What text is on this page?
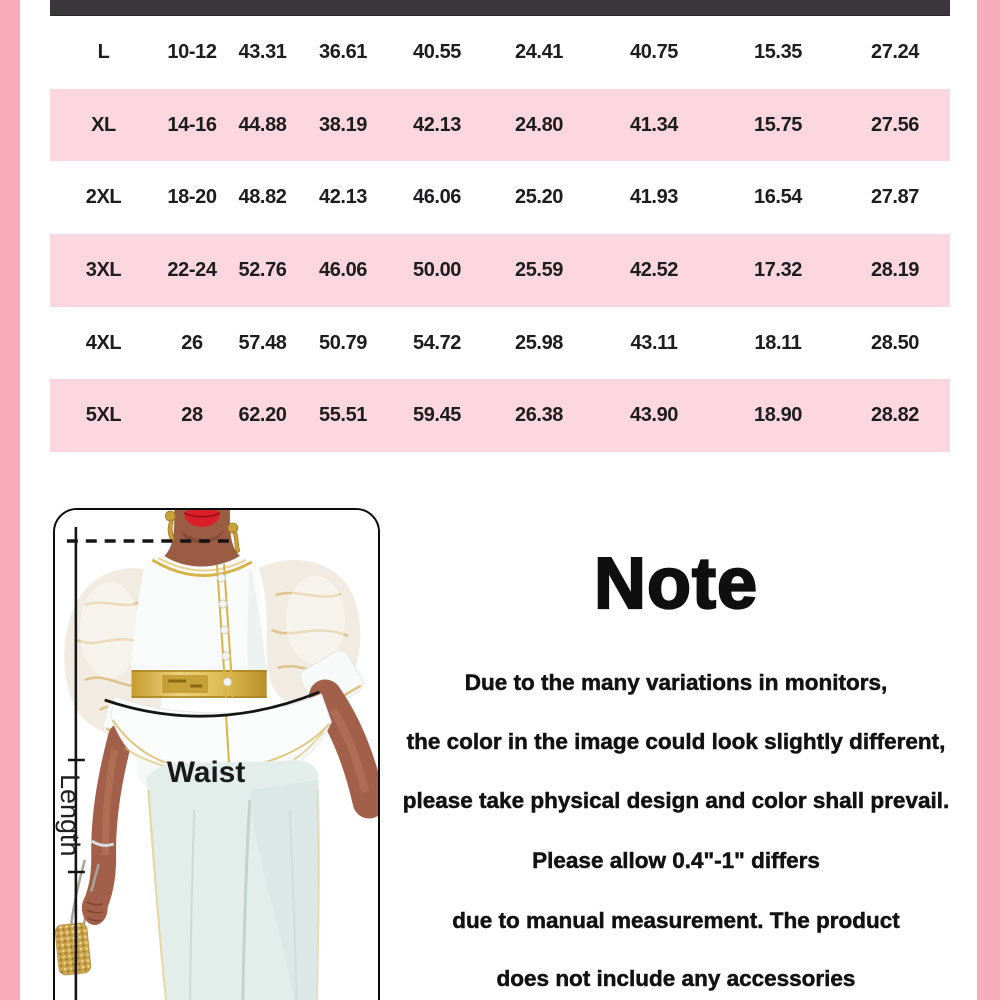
L	10-12	43.31	36.61	40.55	24.41	40.75	15.35	27.24
XL	14-16	44.88	38.19	42.13	24.80	41.34	15.75	27.56
2XL	18-20	48.82	42.13	46.06	25.20	41.93	16.54	27.87
3XL	22-24	52.76	46.06	50.00	25.59	42.52	17.32	28.19
4XL	26	57.48	50.79	54.72	25.98	43.11	18.11	28.50
5XL	28	62.20	55.51	59.45	26.38	43.90	18.90	28.82
Waist
Length
Note

Due to the many variations in monitors,

the color in the image could look slightly different,

please take physical design and color shall prevail.

Please allow 0.4"-1" differs

due to manual measurement. The product

does not include any accessories
